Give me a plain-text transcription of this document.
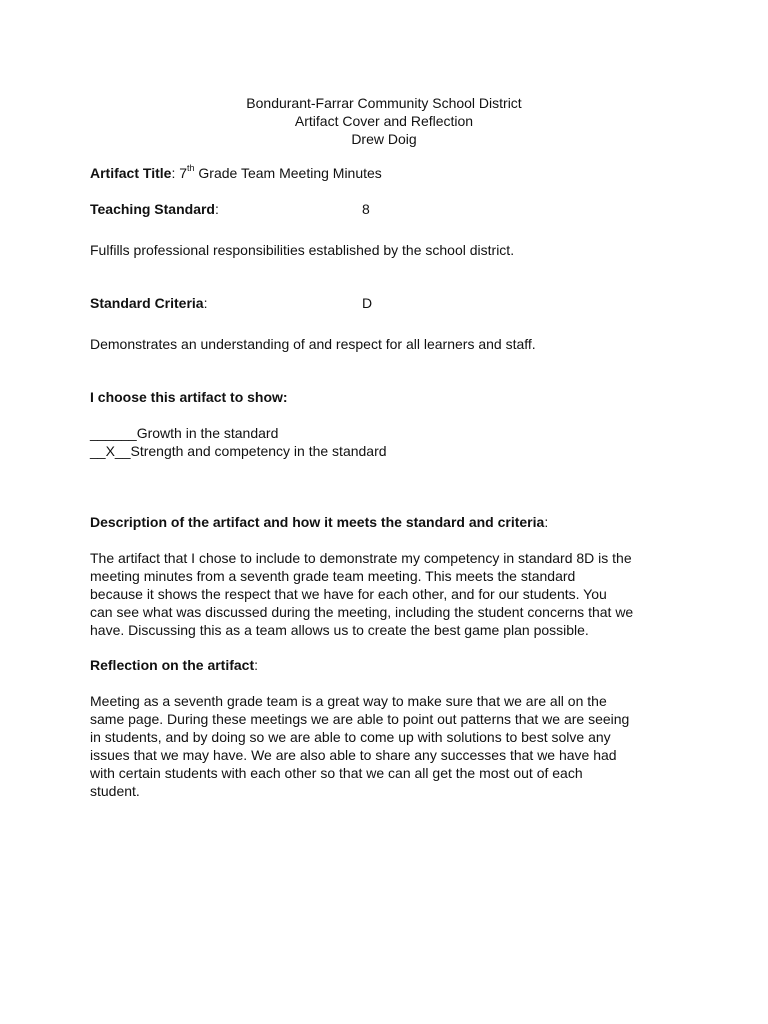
Bondurant-Farrar Community School District
Artifact Cover and Reflection
Drew Doig
Artifact Title: 7th Grade Team Meeting Minutes
Teaching Standard:	8
Fulfills professional responsibilities established by the school district.
Standard Criteria:	D
Demonstrates an understanding of and respect for all learners and staff.
I choose this artifact to show:
______Growth in the standard
__X__Strength and competency in the standard
Description of the artifact and how it meets the standard and criteria:
The artifact that I chose to include to demonstrate my competency in standard 8D is the
meeting minutes from a seventh grade team meeting. This meets the standard
because it shows the respect that we have for each other, and for our students. You
can see what was discussed during the meeting, including the student concerns that we
have. Discussing this as a team allows us to create the best game plan possible.
Reflection on the artifact:
Meeting as a seventh grade team is a great way to make sure that we are all on the
same page. During these meetings we are able to point out patterns that we are seeing
in students, and by doing so we are able to come up with solutions to best solve any
issues that we may have. We are also able to share any successes that we have had
with certain students with each other so that we can all get the most out of each
student.
